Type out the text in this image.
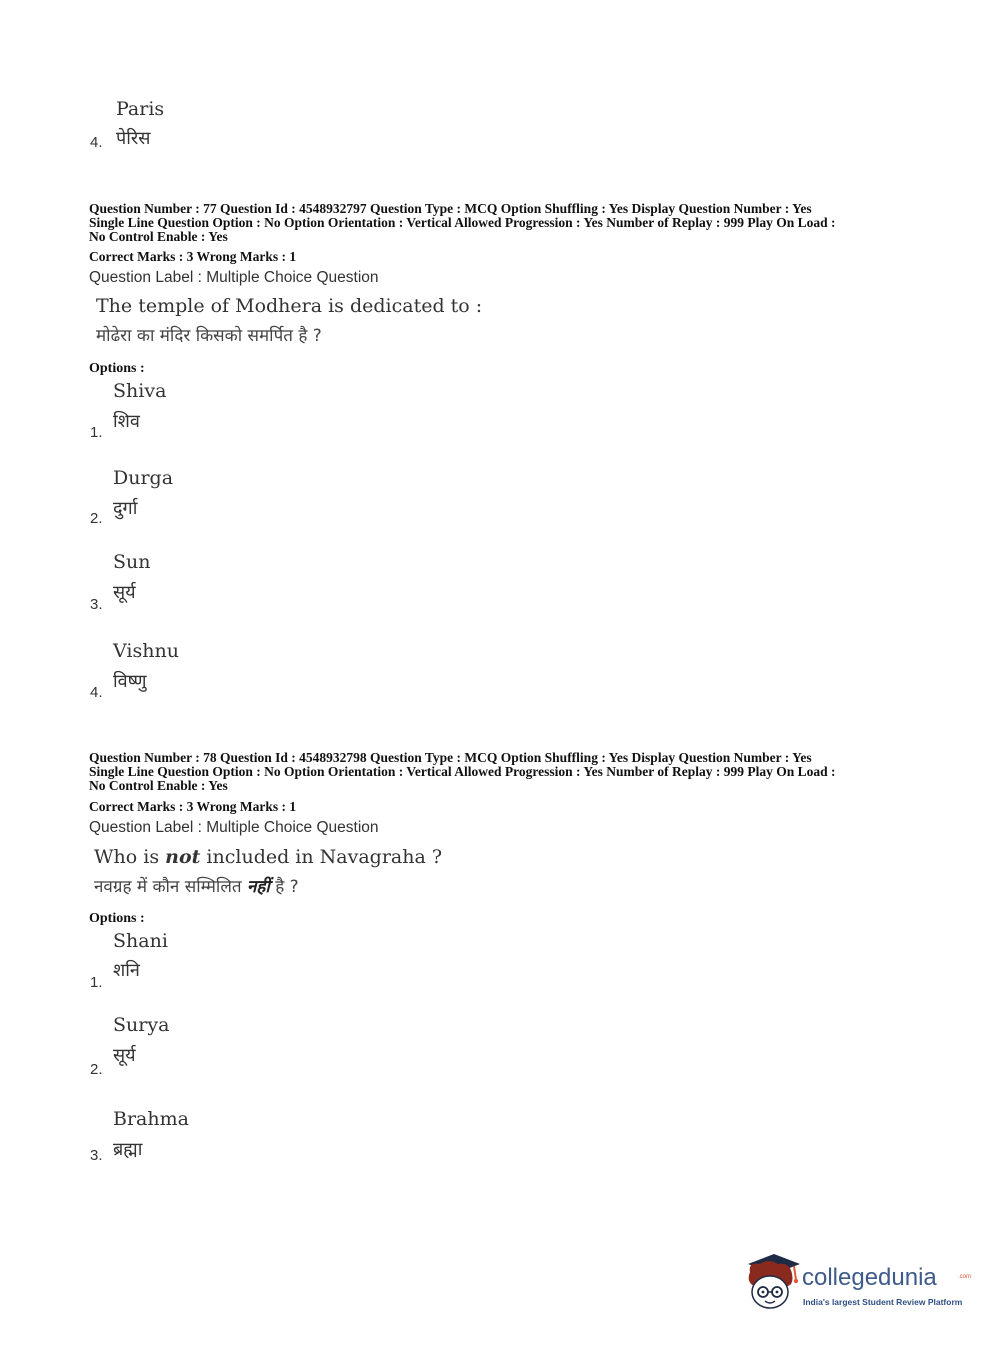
Paris
4. पेरिस
Question Number : 77 Question Id : 4548932797 Question Type : MCQ Option Shuffling : Yes Display Question Number : Yes
Single Line Question Option : No Option Orientation : Vertical Allowed Progression : Yes Number of Replay : 999 Play On Load :
No Control Enable : Yes
Correct Marks : 3 Wrong Marks : 1
Question Label : Multiple Choice Question
The temple of Modhera is dedicated to :
मोढेरा का मंदिर किसको समर्पित है ?
Options :
Shiva
शिव
1.
Durga
दुर्गा
2.
Sun
सूर्य
3.
Vishnu
विष्णु
4.
Question Number : 78 Question Id : 4548932798 Question Type : MCQ Option Shuffling : Yes Display Question Number : Yes
Single Line Question Option : No Option Orientation : Vertical Allowed Progression : Yes Number of Replay : 999 Play On Load :
No Control Enable : Yes
Correct Marks : 3 Wrong Marks : 1
Question Label : Multiple Choice Question
Who is not included in Navagraha ?
नवग्रह में कौन सम्मिलित नहीं है ?
Options :
Shani
शनि
1.
Surya
सूर्य
2.
Brahma
ब्रह्मा
3.
collegedunia	.com
India's largest Student Review Platform
